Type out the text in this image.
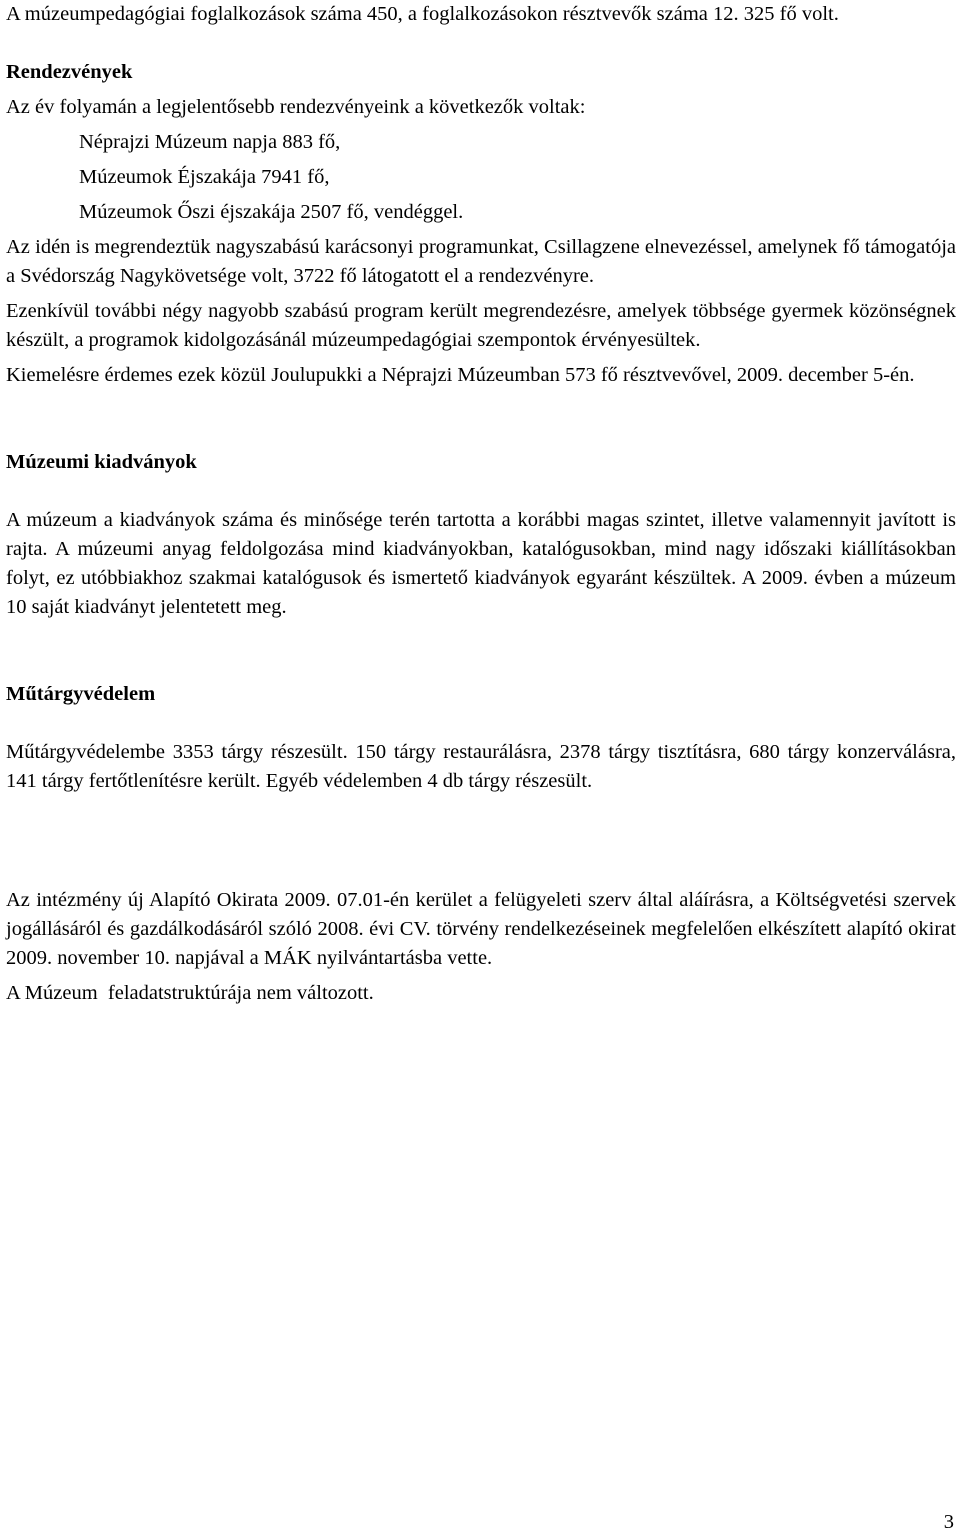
A múzeumpedagógiai foglalkozások száma 450, a foglalkozásokon résztvevők száma 12. 325 fő volt.

Rendezvények

Az év folyamán a legjelentősebb rendezvényeink a következők voltak:

Néprajzi Múzeum napja 883 fő,

Múzeumok Éjszakája 7941 fő,

Múzeumok Őszi éjszakája 2507 fő, vendéggel.

Az idén is megrendeztük nagyszabású karácsonyi programunkat, Csillagzene elnevezéssel, amelynek fő támogatója a Svédország Nagykövetsége volt, 3722 fő látogatott el a rendezvényre.

Ezenkívül további négy nagyobb szabású program került megrendezésre, amelyek többsége gyermek közönségnek készült, a programok kidolgozásánál múzeumpedagógiai szempontok érvényesültek.

Kiemelésre érdemes ezek közül Joulupukki a Néprajzi Múzeumban 573 fő résztvevővel, 2009. december 5-én.

Múzeumi kiadványok

A múzeum a kiadványok száma és minősége terén tartotta a korábbi magas szintet, illetve valamennyit javított is rajta. A múzeumi anyag feldolgozása mind kiadványokban, katalógusokban, mind nagy időszaki kiállításokban folyt, ez utóbbiakhoz szakmai katalógusok és ismertető kiadványok egyaránt készültek. A 2009. évben a múzeum 10 saját kiadványt jelentetett meg.

Műtárgyvédelem

Műtárgyvédelembe 3353 tárgy részesült. 150 tárgy restaurálásra, 2378 tárgy tisztításra, 680 tárgy konzerválásra, 141 tárgy fertőtlenítésre került. Egyéb védelemben 4 db tárgy részesült.

Az intézmény új Alapító Okirata 2009. 07.01-én kerület a felügyeleti szerv által aláírásra, a Költségvetési szervek jogállásáról és gazdálkodásáról szóló 2008. évi CV. törvény rendelkezéseinek megfelelően elkészített alapító okirat 2009. november 10. napjával a MÁK nyilvántartásba vette.

A Múzeum  feladatstruktúrája nem változott.

3
